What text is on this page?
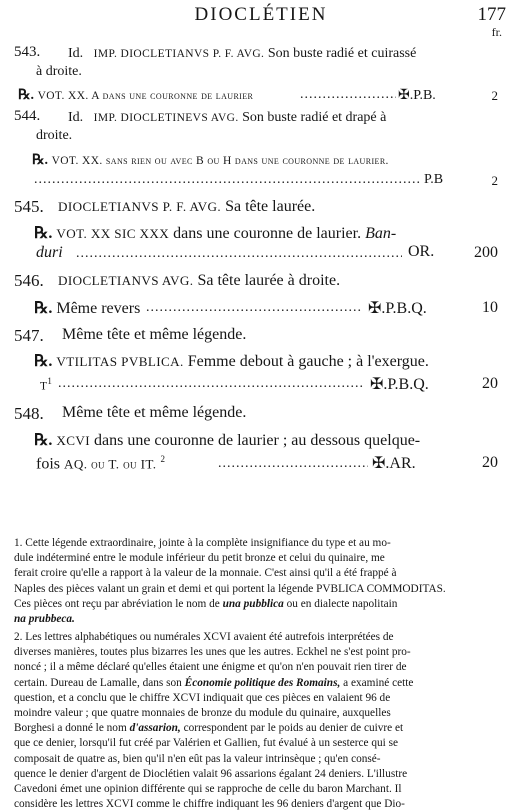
DIOCLÉTIEN	177
fr.
543. Id. IMP. DIOCLETIANVS P. F. AVG. Son buste radié et cuirassé
à droite.
℞. VOT. XX. A dans une couronne de laurier .....	✠.P.B.	2
544. Id. IMP. DIOCLETINEVS AVG. Son buste radié et drapé à
droite.
℞. VOT. XX. sans rien ou avec B ou H dans une couronne de laurier.
.....
P.B	2
545. DIOCLETIANVS P. F. AVG. Sa tête laurée.
℞. VOT. XX SIC XXX dans une couronne de laurier. Ban-
duri .....	OR. 200
546. DIOCLETIANVS AVG. Sa tête laurée à droite.
℞. Même revers .....	✠.P.B.Q.	10
547. Même tête et même légende.
℞. VTILITAS PVBLICA. Femme debout à gauche ; à l'exergue.
$T^1$ .....	✠.P.B.Q.	20
548. Même tête et même légende.
℞. XCVI dans une couronne de laurier ; au dessous quelque-
fois AQ. ou T. ou IT. $^2$ .....	✠.AR.	20
1. Cette légende extraordinaire, jointe à la complète insignifiance du type et au mo-
dule indéterminé entre le module inférieur du petit bronze et celui du quinaire, me
ferait croire qu'elle a rapport à la valeur de la monnaie. C'est ainsi qu'il a été frappé à
Naples des pièces valant un grain et demi et qui portent la légende PVBLICA COMMODITAS.
Ces pièces ont reçu par abréviation le nom de una pubblica ou en dialecte napolitain
na prubbeca.
2. Les lettres alphabétiques ou numérales XCVI avaient été autrefois interprétées de
diverses manières, toutes plus bizarres les unes que les autres. Eckhel ne s'est point pro-
noncé ; il a même déclaré qu'elles étaient une énigme et qu'on n'en pouvait rien tirer de
certain. Dureau de Lamalle, dans son Économie politique des Romains, a examiné cette
question, et a conclu que le chiffre XCVI indiquait que ces pièces en valaient 96 de
moindre valeur ; que quatre monnaies de bronze du module du quinaire, auxquelles
Borghesi a donné le nom d'assarion, correspondent par le poids au denier de cuivre et
que ce denier, lorsqu'il fut créé par Valérien et Gallien, fut évalué à un sesterce qui se
composait de quatre as, bien qu'il n'en eût pas la valeur intrinsèque ; qu'en consé-
quence le denier d'argent de Dioclétien valait 96 assarions égalant 24 deniers. L'illustre
Cavedoni émet une opinion différente qui se rapproche de celle du baron Marchant. Il
considère les lettres XCVI comme le chiffre indiquant les 96 deniers d'argent que Dio-
